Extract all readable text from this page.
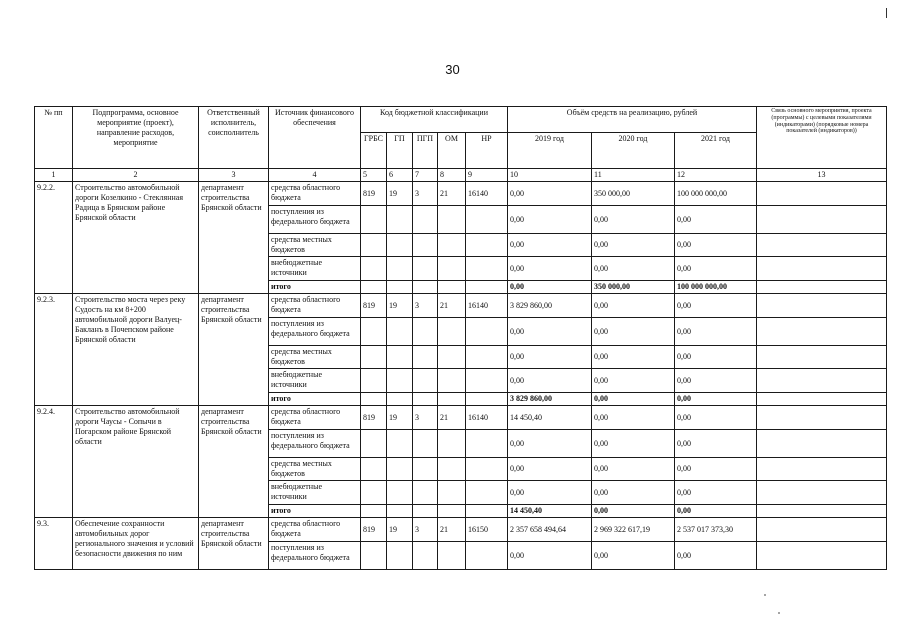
30
№ пп	Подпрограмма, основное мероприятие (проект), направление расходов, мероприятие	Ответственный исполнитель, соисполнитель	Источник финансового обеспечения	Код бюджетной классификации					Объём средств на реализацию, рублей			Связь основного мероприятия, проекта (программы) с целевыми показателями (индикаторами) (порядковые номера показателей (индикаторов))
				ГРБС	ГП	ПГП	ОМ	НР	2019 год	2020 год	2021 год	
1	2	3	4	5	6	7	8	9	10	11	12	13
9.2.2.	Строительство автомобильной дороги Козелкино - Стеклянная Радица в Брянском районе Брянской области	департамент строительства Брянской области	средства областного бюджета	819	19	3	21	16140	0,00	350 000,00	100 000 000,00	
			поступления из федерального бюджета						0,00	0,00	0,00	
			средства местных бюджетов						0,00	0,00	0,00	
			внебюджетные источники						0,00	0,00	0,00	
			итого						0,00	350 000,00	100 000 000,00	
9.2.3.	Строительство моста через реку Судость на км 8+200 автомобильной дороги Валуец-Бакланъ в Почепском районе Брянской области	департамент строительства Брянской области	средства областного бюджета	819	19	3	21	16140	3 829 860,00	0,00	0,00	
			поступления из федерального бюджета						0,00	0,00	0,00	
			средства местных бюджетов						0,00	0,00	0,00	
			внебюджетные источники						0,00	0,00	0,00	
			итого						3 829 860,00	0,00	0,00	
9.2.4.	Строительство автомобильной дороги Чаусы - Сопычи в Погарском районе Брянской области	департамент строительства Брянской области	средства областного бюджета	819	19	3	21	16140	14 450,40	0,00	0,00	
			поступления из федерального бюджета						0,00	0,00	0,00	
			средства местных бюджетов						0,00	0,00	0,00	
			внебюджетные источники						0,00	0,00	0,00	
			итого						14 450,40	0,00	0,00	
9.3.	Обеспечение сохранности автомобильных дорог регионального значения и условий безопасности движения по ним	департамент строительства Брянской области	средства областного бюджета	819	19	3	21	16150	2 357 658 494,64	2 969 322 617,19	2 537 017 373,30	
			поступления из федерального бюджета						0,00	0,00	0,00	
